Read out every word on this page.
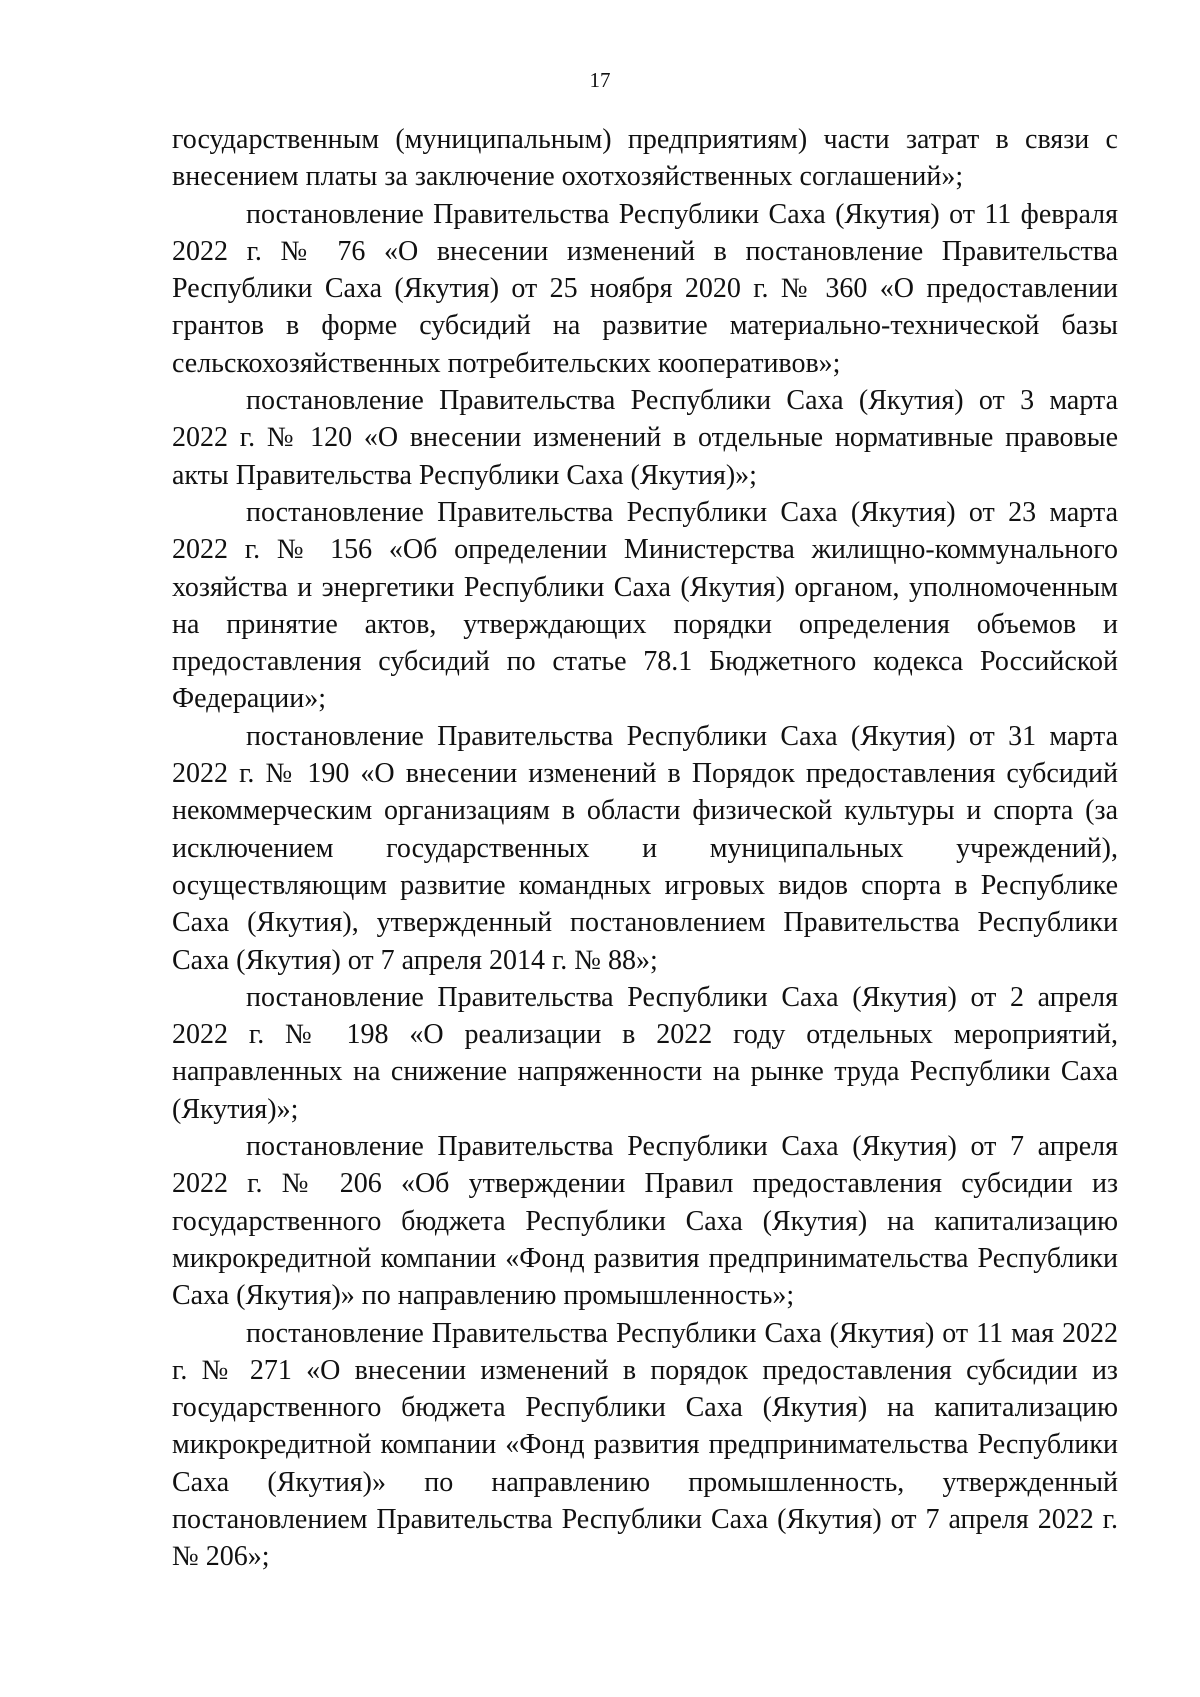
17

государственным (муниципальным) предприятиям) части затрат в связи с внесением платы за заключение охотхозяйственных соглашений»;

постановление Правительства Республики Саха (Якутия) от 11 февраля 2022 г. № 76 «О внесении изменений в постановление Правительства Республики Саха (Якутия) от 25 ноября 2020 г. № 360 «О предоставлении грантов в форме субсидий на развитие материально-технической базы сельскохозяйственных потребительских кооперативов»;

постановление Правительства Республики Саха (Якутия) от 3 марта 2022 г. № 120 «О внесении изменений в отдельные нормативные правовые акты Правительства Республики Саха (Якутия)»;

постановление Правительства Республики Саха (Якутия) от 23 марта 2022 г. № 156 «Об определении Министерства жилищно-коммунального хозяйства и энергетики Республики Саха (Якутия) органом, уполномоченным на принятие актов, утверждающих порядки определения объемов и предоставления субсидий по статье 78.1 Бюджетного кодекса Российской Федерации»;

постановление Правительства Республики Саха (Якутия) от 31 марта 2022 г. № 190 «О внесении изменений в Порядок предоставления субсидий некоммерческим организациям в области физической культуры и спорта (за исключением государственных и муниципальных учреждений), осуществляющим развитие командных игровых видов спорта в Республике Саха (Якутия), утвержденный постановлением Правительства Республики Саха (Якутия) от 7 апреля 2014 г. № 88»;

постановление Правительства Республики Саха (Якутия) от 2 апреля 2022 г. № 198 «О реализации в 2022 году отдельных мероприятий, направленных на снижение напряженности на рынке труда Республики Саха (Якутия)»;

постановление Правительства Республики Саха (Якутия) от 7 апреля 2022 г. № 206 «Об утверждении Правил предоставления субсидии из государственного бюджета Республики Саха (Якутия) на капитализацию микрокредитной компании «Фонд развития предпринимательства Республики Саха (Якутия)» по направлению промышленность»;

постановление Правительства Республики Саха (Якутия) от 11 мая 2022 г. № 271 «О внесении изменений в порядок предоставления субсидии из государственного бюджета Республики Саха (Якутия) на капитализацию микрокредитной компании «Фонд развития предпринимательства Республики Саха (Якутия)» по направлению промышленность, утвержденный постановлением Правительства Республики Саха (Якутия) от 7 апреля 2022 г. № 206»;
